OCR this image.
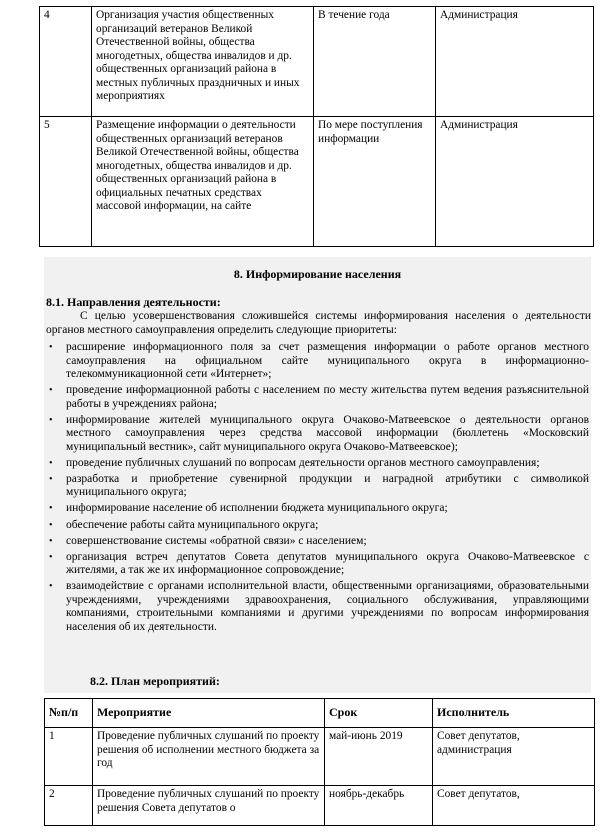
4	Организация участия общественных организаций ветеранов Великой Отечественной войны, общества многодетных, общества инвалидов и др. общественных организаций района в местных публичных праздничных и иных мероприятиях	В течение года	Администрация
5	Размещение информации о деятельности общественных организаций ветеранов Великой Отечественной войны, общества многодетных, общества инвалидов и др. общественных организаций района в официальных печатных средствах массовой информации, на сайте	По мере поступления информации	Администрация
8. Информирование населения
8.1. Направления деятельности:

С целью усовершенствования сложившейся системы информирования населения о деятельности органов местного самоуправления определить следующие приоритеты:

• расширение информационного поля за счет размещения информации о работе органов местного самоуправления на официальном сайте муниципального округа в информационно-телекоммуникационной сети «Интернет»;
• проведение информационной работы с населением по месту жительства путем ведения разъяснительной работы в учреждениях района;
• информирование жителей муниципального округа Очаково-Матвеевское о деятельности органов местного самоуправления через средства массовой информации (бюллетень «Московский муниципальный вестник», сайт муниципального округа Очаково-Матвеевское);
• проведение публичных слушаний по вопросам деятельности органов местного самоуправления;
• разработка и приобретение сувенирной продукции и наградной атрибутики с символикой муниципального округа;
• информирование население об исполнении бюджета муниципального округа;
• обеспечение работы сайта муниципального округа;
• совершенствование системы «обратной связи» с населением;
• организация встреч депутатов Совета депутатов муниципального округа Очаково-Матвеевское с жителями, а так же их информационное сопровождение;
• взаимодействие с органами исполнительной власти, общественными организациями, образовательными учреждениями, учреждениями здравоохранения, социального обслуживания, управляющими компаниями, строительными компаниями и другими учреждениями по вопросам информирования населения об их деятельности.
8.2. План мероприятий:
№п/п	Мероприятие	Срок	Исполнитель
1	Проведение публичных слушаний по проекту решения об исполнении местного бюджета за год	май-июнь 2019	Совет депутатов, администрация
2	Проведение публичных слушаний по проекту решения Совета депутатов о	ноябрь-декабрь	Совет депутатов,
